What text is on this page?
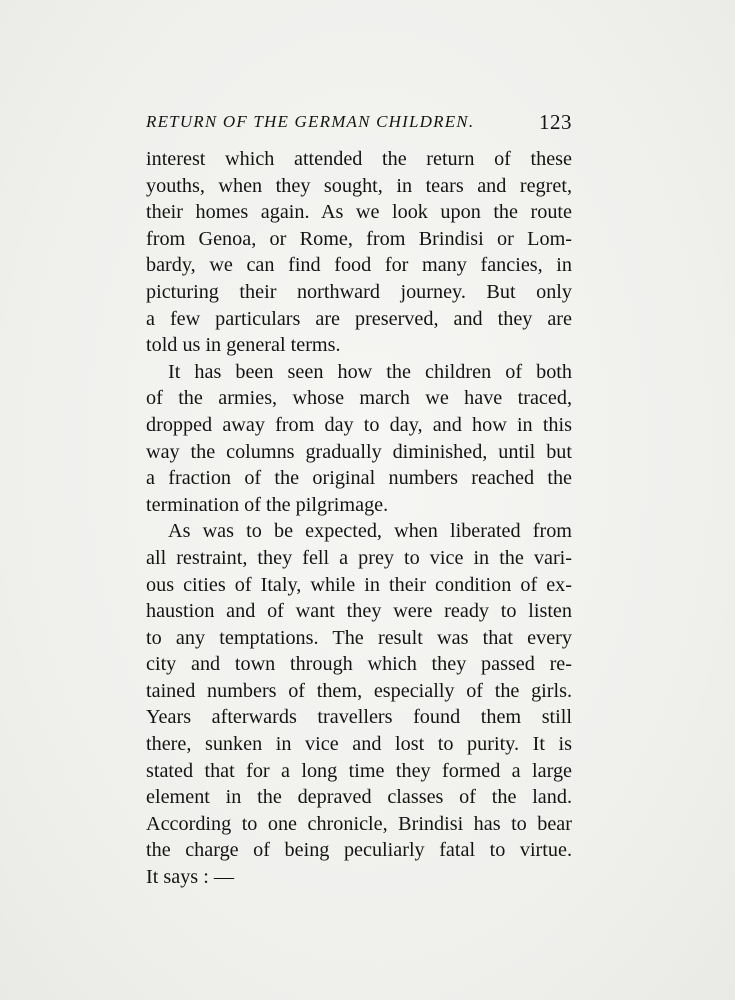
RETURN OF THE GERMAN CHILDREN.	123
interest which attended the return of these
youths, when they sought, in tears and regret,
their homes again. As we look upon the route
from Genoa, or Rome, from Brindisi or Lom-
bardy, we can find food for many fancies, in
picturing their northward journey. But only
a few particulars are preserved, and they are
told us in general terms.
It has been seen how the children of both
of the armies, whose march we have traced,
dropped away from day to day, and how in this
way the columns gradually diminished, until but
a fraction of the original numbers reached the
termination of the pilgrimage.
As was to be expected, when liberated from
all restraint, they fell a prey to vice in the vari-
ous cities of Italy, while in their condition of ex-
haustion and of want they were ready to listen
to any temptations. The result was that every
city and town through which they passed re-
tained numbers of them, especially of the girls.
Years afterwards travellers found them still
there, sunken in vice and lost to purity. It is
stated that for a long time they formed a large
element in the depraved classes of the land.
According to one chronicle, Brindisi has to bear
the charge of being peculiarly fatal to virtue.
It says : —
